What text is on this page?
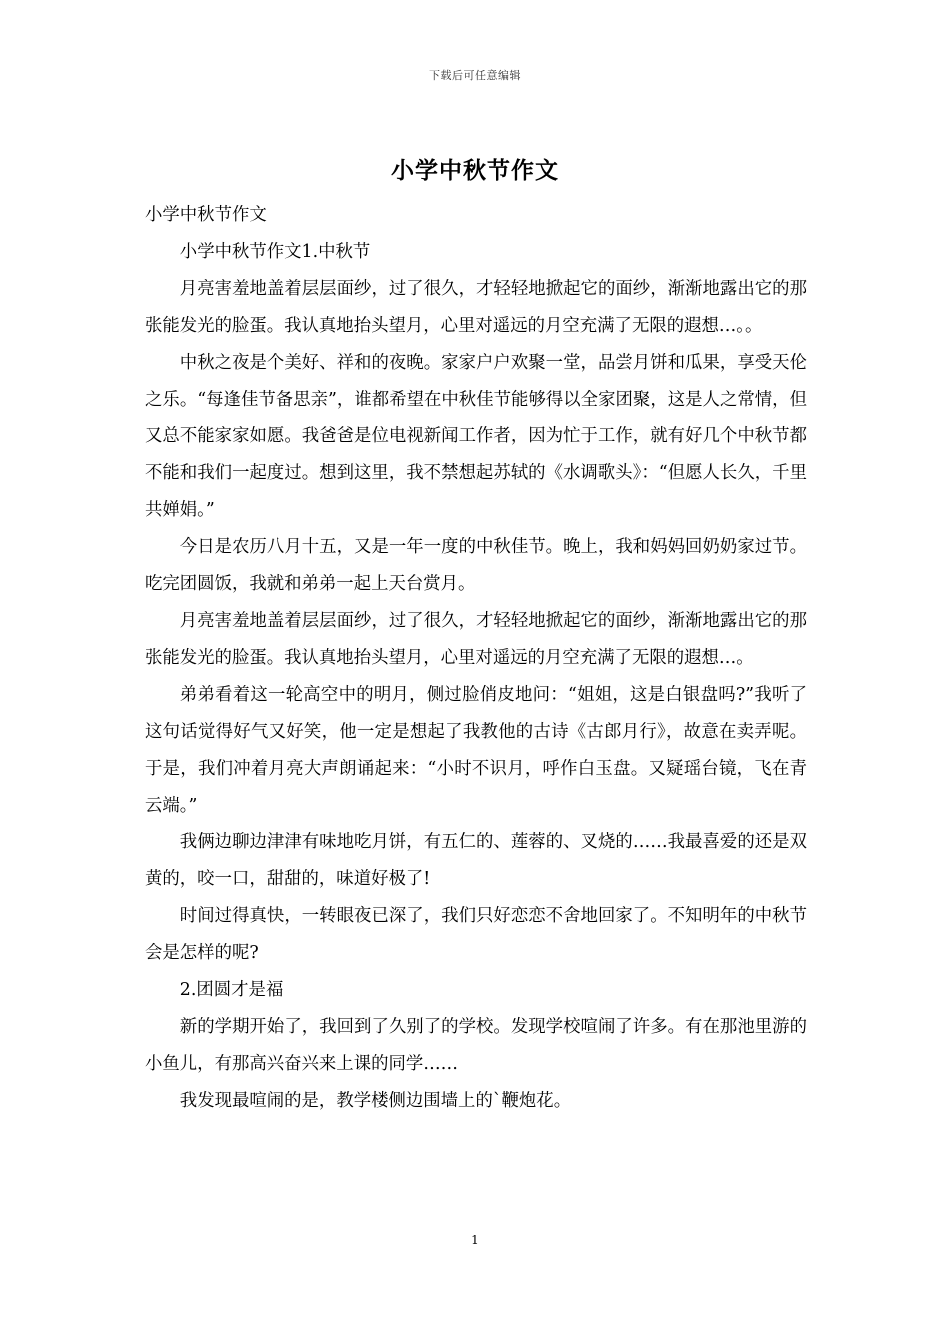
下载后可任意编辑
小学中秋节作文

小学中秋节作文

小学中秋节作文1.中秋节

月亮害羞地盖着层层面纱，过了很久，才轻轻地掀起它的面纱，渐渐地露出它的那张能发光的脸蛋。我认真地抬头望月，心里对遥远的月空充满了无限的遐想…。。

中秋之夜是个美好、祥和的夜晚。家家户户欢聚一堂，品尝月饼和瓜果，享受天伦之乐。“每逢佳节备思亲”，谁都希望在中秋佳节能够得以全家团聚，这是人之常情，但又总不能家家如愿。我爸爸是位电视新闻工作者，因为忙于工作，就有好几个中秋节都不能和我们一起度过。想到这里，我不禁想起苏轼的《水调歌头》：“但愿人长久，千里共婵娟。”

今日是农历八月十五，又是一年一度的中秋佳节。晚上，我和妈妈回奶奶家过节。吃完团圆饭，我就和弟弟一起上天台赏月。

月亮害羞地盖着层层面纱，过了很久，才轻轻地掀起它的面纱，渐渐地露出它的那张能发光的脸蛋。我认真地抬头望月，心里对遥远的月空充满了无限的遐想…。

弟弟看着这一轮高空中的明月，侧过脸俏皮地问：“姐姐，这是白银盘吗?”我听了这句话觉得好气又好笑，他一定是想起了我教他的古诗《古郎月行》，故意在卖弄呢。于是，我们冲着月亮大声朗诵起来：“小时不识月，呼作白玉盘。又疑瑶台镜，飞在青云端。”

我俩边聊边津津有味地吃月饼，有五仁的、莲蓉的、叉烧的……我最喜爱的还是双黄的，咬一口，甜甜的，味道好极了!

时间过得真快，一转眼夜已深了，我们只好恋恋不舍地回家了。不知明年的中秋节会是怎样的呢?

2.团圆才是福

新的学期开始了，我回到了久别了的学校。发现学校喧闹了许多。有在那池里游的小鱼儿，有那高兴奋兴来上课的同学……

我发现最喧闹的是，教学楼侧边围墙上的`鞭炮花。

1
